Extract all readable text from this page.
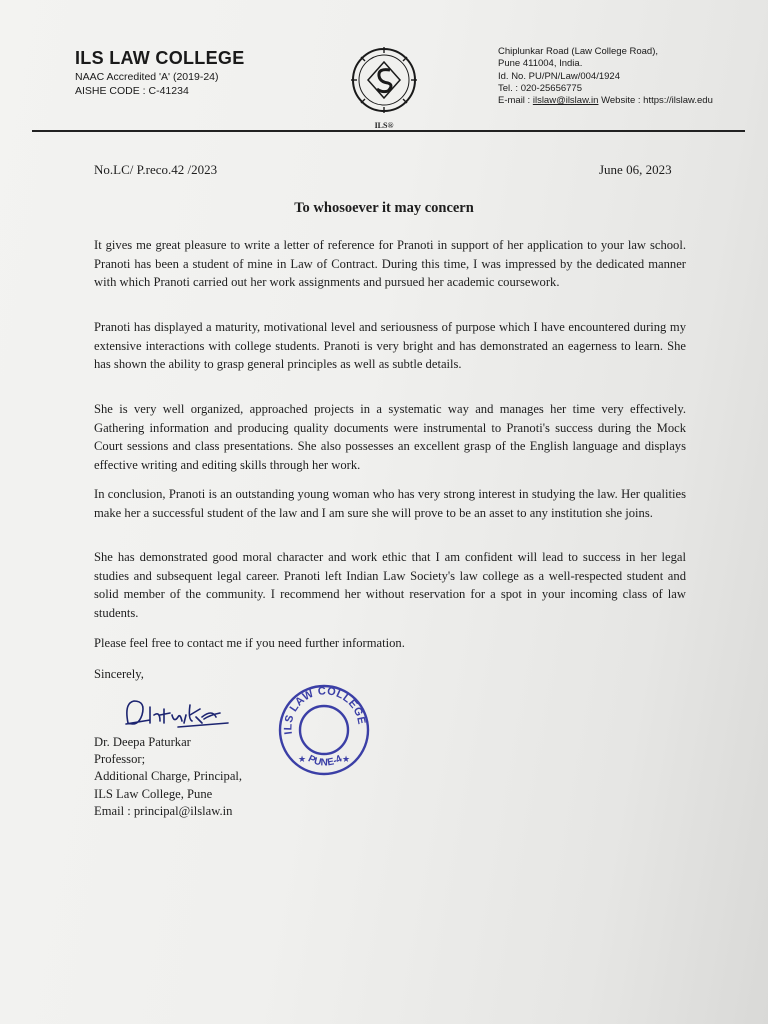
ILS LAW COLLEGE
NAAC Accredited 'A' (2019-24)
AISHE CODE : C-41234
ILS®
Chiplunkar Road (Law College Road),
Pune 411004, India.
Id. No. PU/PN/Law/004/1924
Tel. : 020-25656775
E-mail : ilslaw@ilslaw.in Website : https://ilslaw.edu
No.LC/ P.reco.42 /2023	June 06, 2023
To whosoever it may concern

It gives me great pleasure to write a letter of reference for Pranoti in support of her application to your law school. Pranoti has been a student of mine in Law of Contract. During this time, I was impressed by the dedicated manner with which Pranoti carried out her work assignments and pursued her academic coursework.

Pranoti has displayed a maturity, motivational level and seriousness of purpose which I have encountered during my extensive interactions with college students. Pranoti is very bright and has demonstrated an eagerness to learn. She has shown the ability to grasp general principles as well as subtle details.

She is very well organized, approached projects in a systematic way and manages her time very effectively. Gathering information and producing quality documents were instrumental to Pranoti's success during the Mock Court sessions and class presentations. She also possesses an excellent grasp of the English language and displays effective writing and editing skills through her work.

In conclusion, Pranoti is an outstanding young woman who has very strong interest in studying the law. Her qualities make her a successful student of the law and I am sure she will prove to be an asset to any institution she joins.

She has demonstrated good moral character and work ethic that I am confident will lead to success in her legal studies and subsequent legal career. Pranoti left Indian Law Society's law college as a well-respected student and solid member of the community. I recommend her without reservation for a spot in your incoming class of law students.

Please feel free to contact me if you need further information.

Sincerely,
Dr. Deepa Paturkar
Professor;
Additional Charge, Principal,
ILS Law College, Pune
Email : principal@ilslaw.in
ILS LAW COLLEGE
PUNE-4
★	★
